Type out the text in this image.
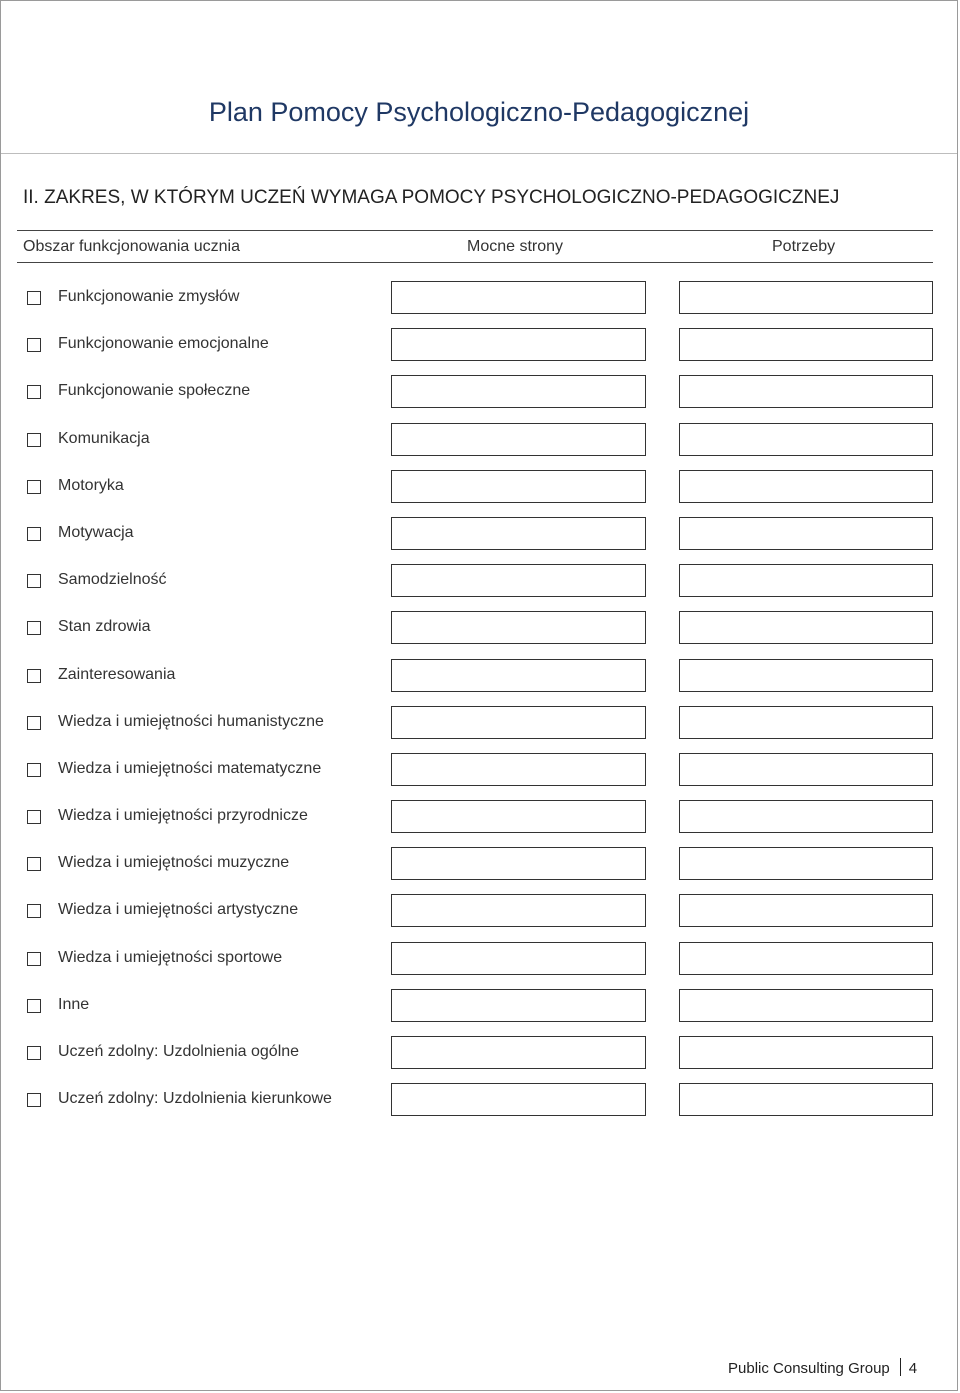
Plan Pomocy Psychologiczno-Pedagogicznej
II. ZAKRES, W KTÓRYM UCZEŃ WYMAGA POMOCY PSYCHOLOGICZNO-PEDAGOGICZNEJ
Obszar funkcjonowania ucznia	Mocne strony	Potrzeby
Funkcjonowanie zmysłów
Funkcjonowanie emocjonalne
Funkcjonowanie społeczne
Komunikacja
Motoryka
Motywacja
Samodzielność
Stan zdrowia
Zainteresowania
Wiedza i umiejętności humanistyczne
Wiedza i umiejętności matematyczne
Wiedza i umiejętności przyrodnicze
Wiedza i umiejętności muzyczne
Wiedza i umiejętności artystyczne
Wiedza i umiejętności sportowe
Inne
Uczeń zdolny: Uzdolnienia ogólne
Uczeń zdolny: Uzdolnienia kierunkowe
Public Consulting Group 4
